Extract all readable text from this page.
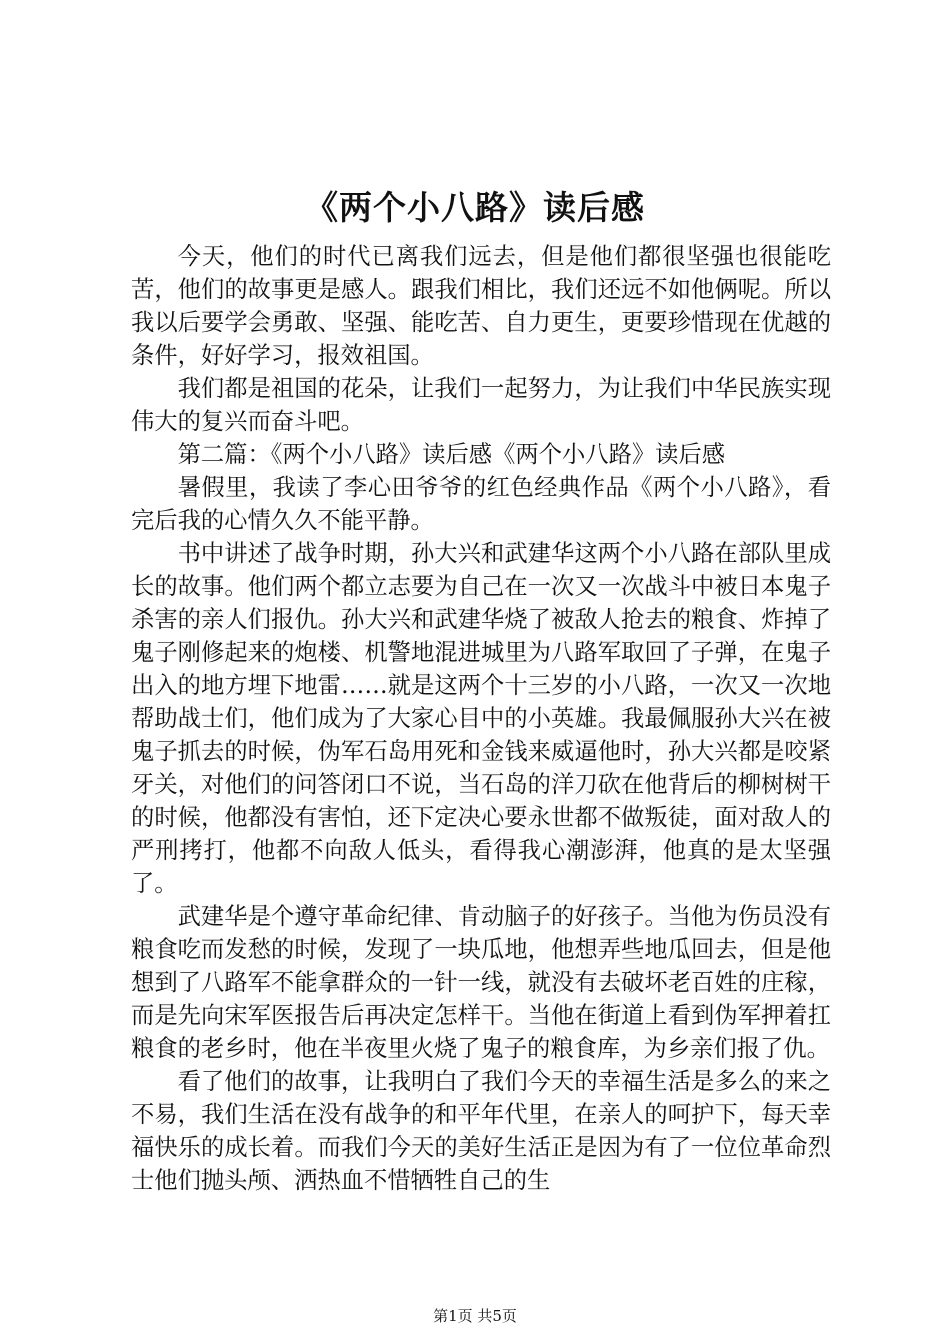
《两个小八路》读后感

今天，他们的时代已离我们远去，但是他们都很坚强也很能吃苦，他们的故事更是感人。跟我们相比，我们还远不如他俩呢。所以我以后要学会勇敢、坚强、能吃苦、自力更生，更要珍惜现在优越的条件，好好学习，报效祖国。

我们都是祖国的花朵，让我们一起努力，为让我们中华民族实现伟大的复兴而奋斗吧。

第二篇：《两个小八路》读后感《两个小八路》读后感

暑假里，我读了李心田爷爷的红色经典作品《两个小八路》，看完后我的心情久久不能平静。

书中讲述了战争时期，孙大兴和武建华这两个小八路在部队里成长的故事。他们两个都立志要为自己在一次又一次战斗中被日本鬼子杀害的亲人们报仇。孙大兴和武建华烧了被敌人抢去的粮食、炸掉了鬼子刚修起来的炮楼、机警地混进城里为八路军取回了子弹，在鬼子出入的地方埋下地雷……就是这两个十三岁的小八路，一次又一次地帮助战士们，他们成为了大家心目中的小英雄。我最佩服孙大兴在被鬼子抓去的时候，伪军石岛用死和金钱来威逼他时，孙大兴都是咬紧牙关，对他们的问答闭口不说，当石岛的洋刀砍在他背后的柳树树干的时候，他都没有害怕，还下定决心要永世都不做叛徒，面对敌人的严刑拷打，他都不向敌人低头，看得我心潮澎湃，他真的是太坚强了。

武建华是个遵守革命纪律、肯动脑子的好孩子。当他为伤员没有粮食吃而发愁的时候，发现了一块瓜地，他想弄些地瓜回去，但是他想到了八路军不能拿群众的一针一线，就没有去破坏老百姓的庄稼，而是先向宋军医报告后再决定怎样干。当他在街道上看到伪军押着扛粮食的老乡时，他在半夜里火烧了鬼子的粮食库，为乡亲们报了仇。

看了他们的故事，让我明白了我们今天的幸福生活是多么的来之不易，我们生活在没有战争的和平年代里，在亲人的呵护下，每天幸福快乐的成长着。而我们今天的美好生活正是因为有了一位位革命烈士他们抛头颅、洒热血不惜牺牲自己的生

第1页 共5页
